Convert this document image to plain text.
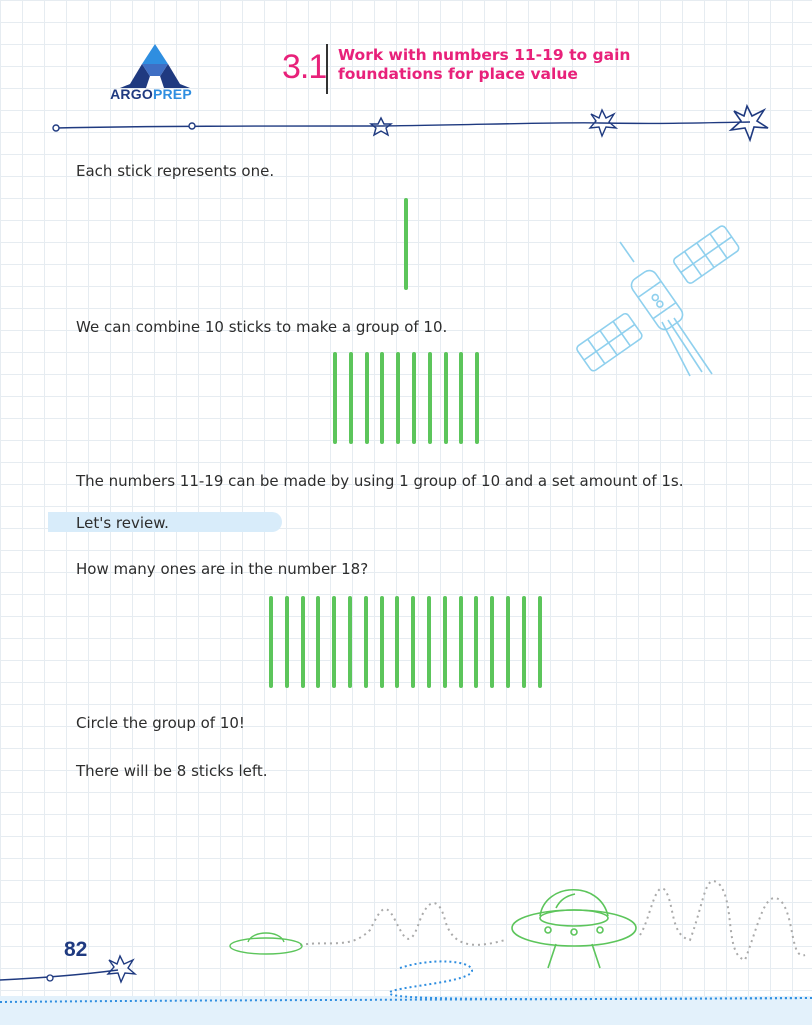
ARGOPREP
3.1 Work with numbers 11-19 to gain
foundations for place value
Each stick represents one.
We can combine 10 sticks to make a group of 10.
The numbers 11-19 can be made by using 1 group of 10 and a set amount of 1s.
Let's review.
How many ones are in the number 18?
Circle the group of 10!
There will be 8 sticks left.
82
